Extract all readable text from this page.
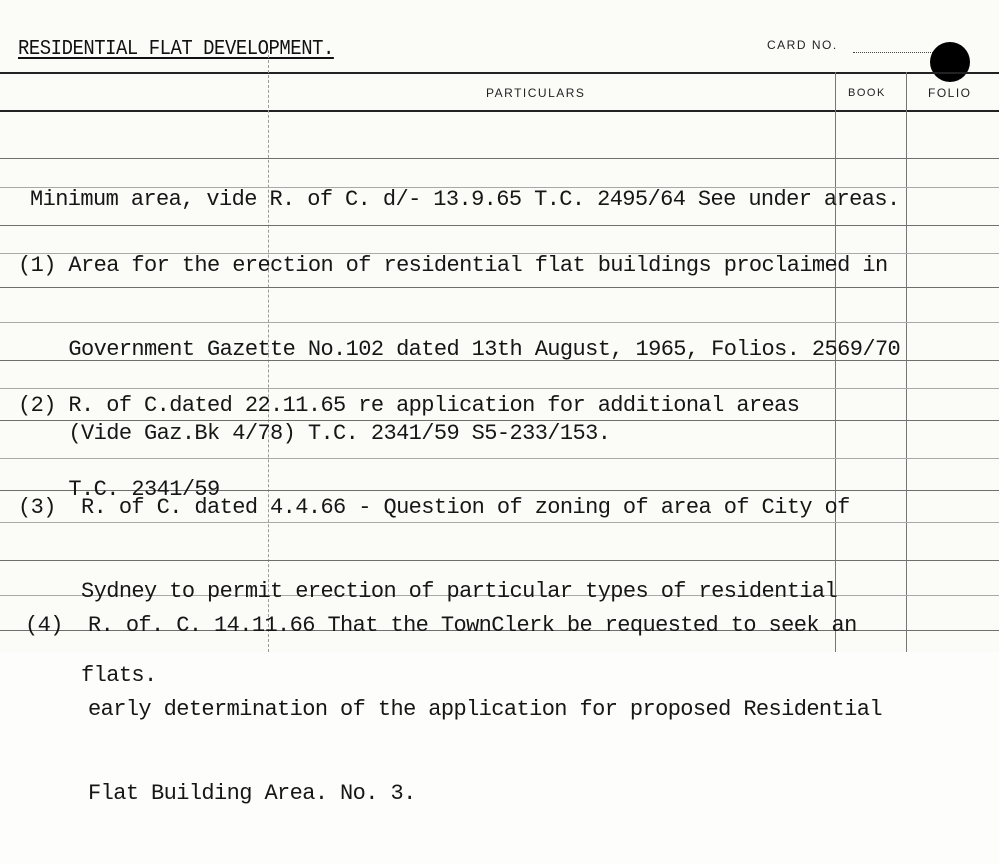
RESIDENTIAL FLAT DEVELOPMENT.	CARD NO.
PARTICULARS	BOOK	FOLIO

Minimum area, vide R. of C. d/- 13.9.65 T.C. 2495/64 See under areas.

(1) Area for the erection of residential flat buildings proclaimed in

Government Gazette No.102 dated 13th August, 1965, Folios. 2569/70

(Vide Gaz.Bk 4/78) T.C. 2341/59 S5-233/153.

(2) R. of C.dated 22.11.65 re application for additional areas

T.C. 2341/59

(3)  R. of C. dated 4.4.66 - Question of zoning of area of City of

Sydney to permit erection of particular types of residential

flats.

(4)  R. of. C. 14.11.66 That the TownClerk be requested to seek an

early determination of the application for proposed Residential

Flat Building Area. No. 3.
